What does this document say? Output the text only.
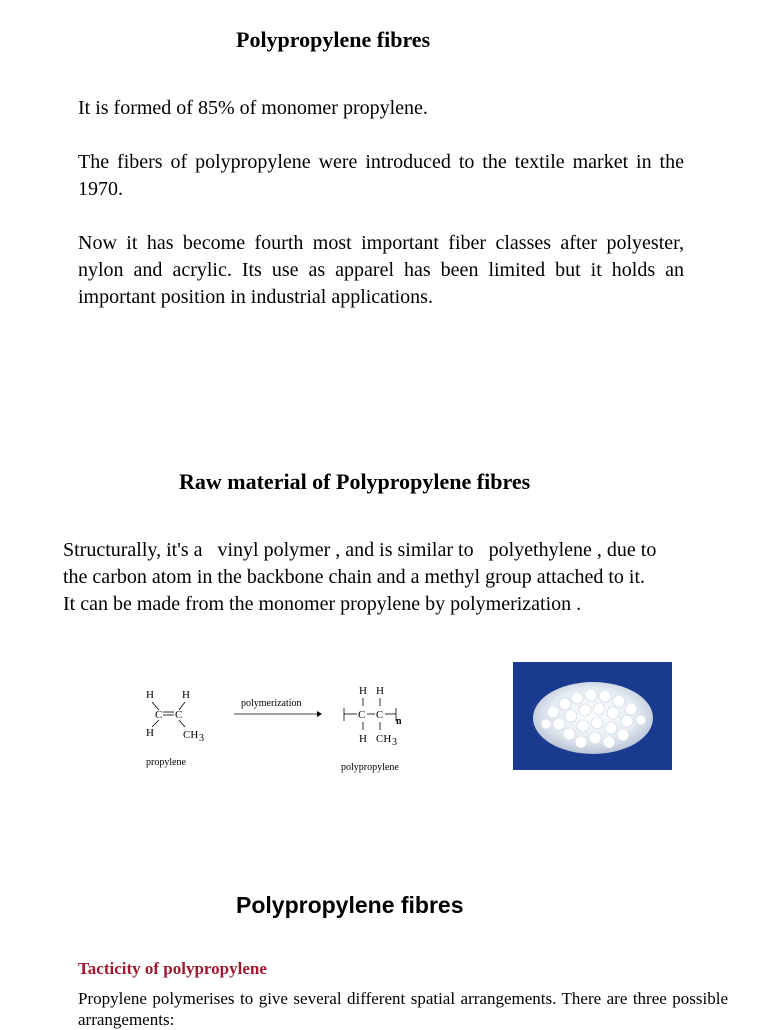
Polypropylene fibres
It is formed of 85% of monomer propylene.
The fibers of polypropylene were introduced to the textile market in the 1970.
Now it has become fourth most important fiber classes after polyester, nylon and acrylic. Its use as apparel has been limited but it holds an important position in industrial applications.
Raw material of Polypropylene fibres
Structurally, it's a   vinyl polymer , and is similar to   polyethylene , due to
the carbon atom in the backbone chain and a methyl group attached to it.
It can be made from the monomer propylene by polymerization .
H	H
C C
H	CH 3
propylene
polymerization
H H
C C
n
H CH 3
polypropylene
Polypropylene fibres
Tacticity of polypropylene
Propylene polymerises to give several different spatial arrangements. There are three possible arrangements:
